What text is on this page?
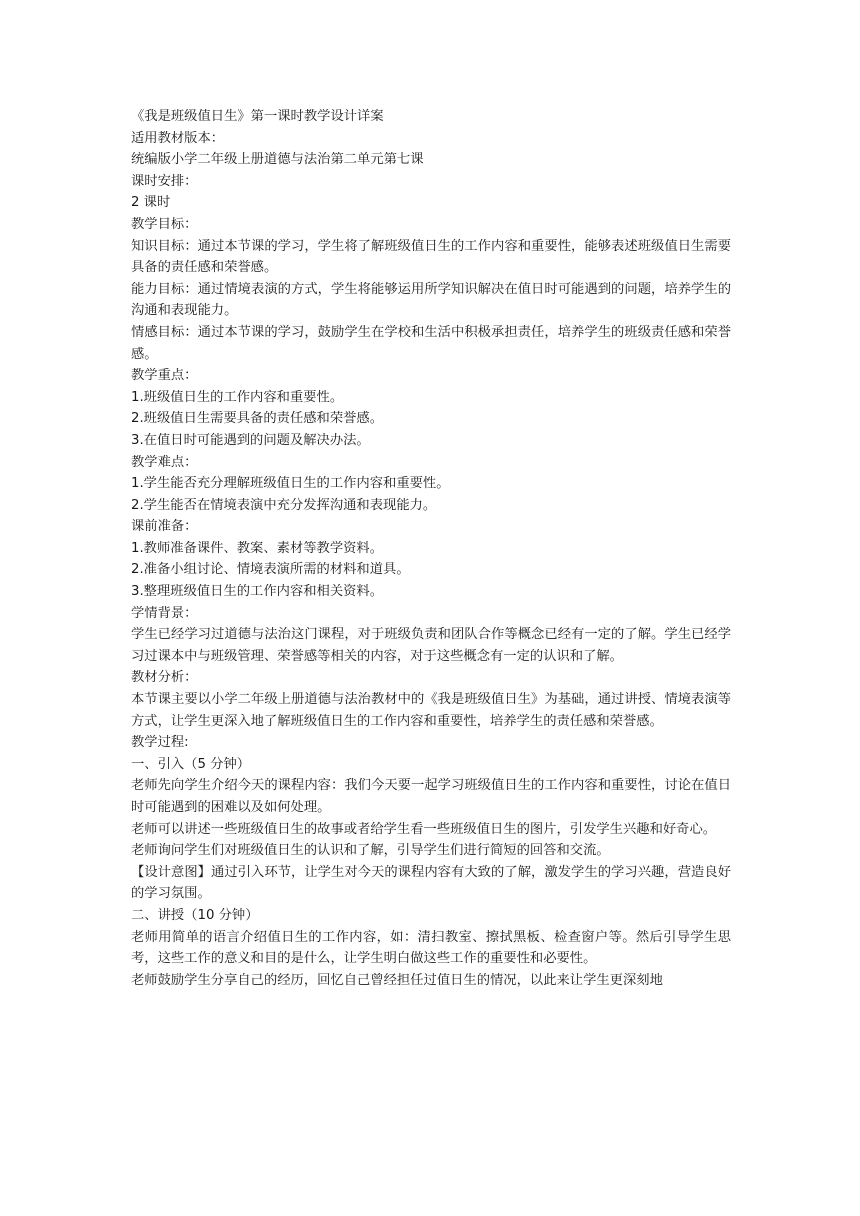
《我是班级值日生》第一课时教学设计详案

适用教材版本：

统编版小学二年级上册道德与法治第二单元第七课

课时安排：

2 课时

教学目标：

知识目标：通过本节课的学习，学生将了解班级值日生的工作内容和重要性，能够表述班级值日生需要具备的责任感和荣誉感。

能力目标：通过情境表演的方式，学生将能够运用所学知识解决在值日时可能遇到的问题，培养学生的沟通和表现能力。

情感目标：通过本节课的学习，鼓励学生在学校和生活中积极承担责任，培养学生的班级责任感和荣誉感。

教学重点：

1.班级值日生的工作内容和重要性。

2.班级值日生需要具备的责任感和荣誉感。

3.在值日时可能遇到的问题及解决办法。

教学难点：

1.学生能否充分理解班级值日生的工作内容和重要性。

2.学生能否在情境表演中充分发挥沟通和表现能力。

课前准备：

1.教师准备课件、教案、素材等教学资料。

2.准备小组讨论、情境表演所需的材料和道具。

3.整理班级值日生的工作内容和相关资料。

学情背景：

学生已经学习过道德与法治这门课程，对于班级负责和团队合作等概念已经有一定的了解。学生已经学习过课本中与班级管理、荣誉感等相关的内容，对于这些概念有一定的认识和了解。

教材分析：

本节课主要以小学二年级上册道德与法治教材中的《我是班级值日生》为基础，通过讲授、情境表演等方式，让学生更深入地了解班级值日生的工作内容和重要性，培养学生的责任感和荣誉感。

教学过程:

一、引入（5 分钟）

老师先向学生介绍今天的课程内容：我们今天要一起学习班级值日生的工作内容和重要性，讨论在值日时可能遇到的困难以及如何处理。

老师可以讲述一些班级值日生的故事或者给学生看一些班级值日生的图片，引发学生兴趣和好奇心。

老师询问学生们对班级值日生的认识和了解，引导学生们进行简短的回答和交流。

【设计意图】通过引入环节，让学生对今天的课程内容有大致的了解，激发学生的学习兴趣，营造良好的学习氛围。

二、讲授（10 分钟）

老师用简单的语言介绍值日生的工作内容，如：清扫教室、擦拭黑板、检查窗户等。然后引导学生思考，这些工作的意义和目的是什么，让学生明白做这些工作的重要性和必要性。

老师鼓励学生分享自己的经历，回忆自己曾经担任过值日生的情况，以此来让学生更深刻地
